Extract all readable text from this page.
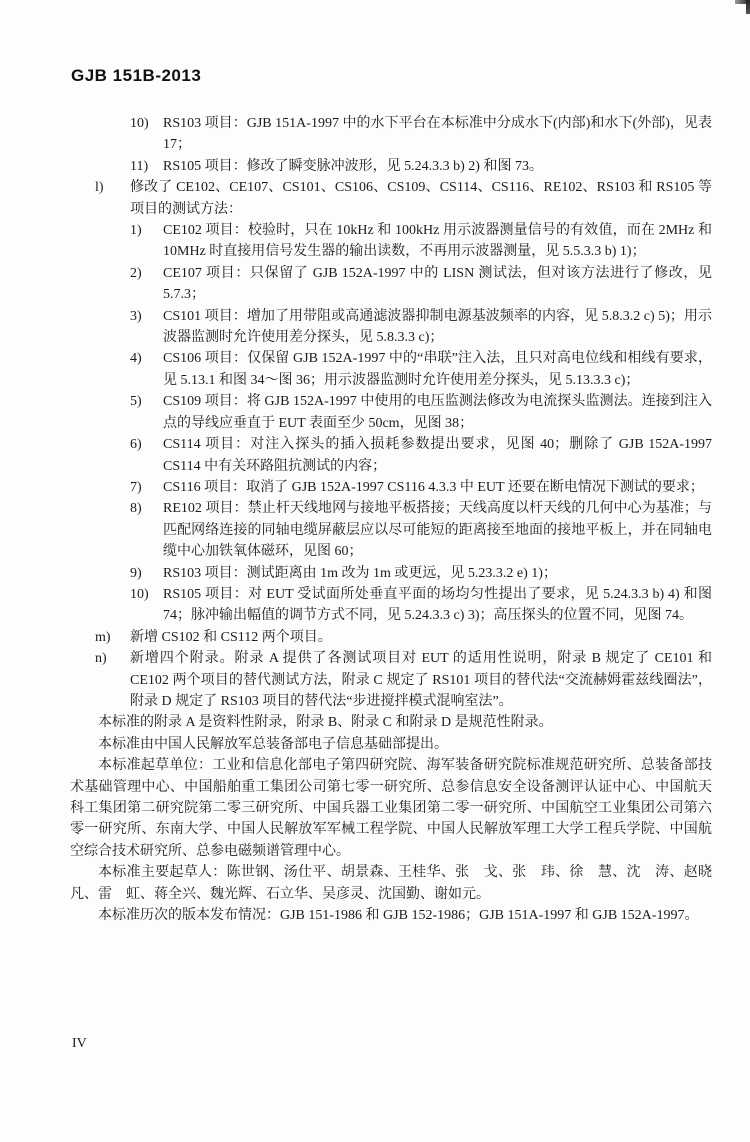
GJB 151B-2013
10) RS103 项目：GJB 151A-1997 中的水下平台在本标准中分成水下(内部)和水下(外部)，见表 17；
11) RS105 项目：修改了瞬变脉冲波形，见 5.24.3.3 b) 2) 和图 73。
l) 修改了 CE102、CE107、CS101、CS106、CS109、CS114、CS116、RE102、RS103 和 RS105 等项目的测试方法：
1) CE102 项目：校验时，只在 10kHz 和 100kHz 用示波器测量信号的有效值，而在 2MHz 和 10MHz 时直接用信号发生器的输出读数，不再用示波器测量，见 5.5.3.3 b) 1)；
2) CE107 项目：只保留了 GJB 152A-1997 中的 LISN 测试法，但对该方法进行了修改，见 5.7.3；
3) CS101 项目：增加了用带阻或高通滤波器抑制电源基波频率的内容，见 5.8.3.2 c) 5)；用示波器监测时允许使用差分探头，见 5.8.3.3 c)；
4) CS106 项目：仅保留 GJB 152A-1997 中的“串联”注入法，且只对高电位线和相线有要求，见 5.13.1 和图 34～图 36；用示波器监测时允许使用差分探头，见 5.13.3.3 c)；
5) CS109 项目：将 GJB 152A-1997 中使用的电压监测法修改为电流探头监测法。连接到注入点的导线应垂直于 EUT 表面至少 50cm，见图 38；
6) CS114 项目：对注入探头的插入损耗参数提出要求，见图 40；删除了 GJB 152A-1997 CS114 中有关环路阻抗测试的内容；
7) CS116 项目：取消了 GJB 152A-1997 CS116 4.3.3 中 EUT 还要在断电情况下测试的要求；
8) RE102 项目：禁止杆天线地网与接地平板搭接；天线高度以杆天线的几何中心为基准；与匹配网络连接的同轴电缆屏蔽层应以尽可能短的距离接至地面的接地平板上，并在同轴电缆中心加铁氧体磁环，见图 60；
9) RS103 项目：测试距离由 1m 改为 1m 或更远，见 5.23.3.2 e) 1)；
10) RS105 项目：对 EUT 受试面所处垂直平面的场均匀性提出了要求，见 5.24.3.3 b) 4) 和图 74；脉冲输出幅值的调节方式不同，见 5.24.3.3 c) 3)；高压探头的位置不同，见图 74。
m) 新增 CS102 和 CS112 两个项目。
n) 新增四个附录。附录 A 提供了各测试项目对 EUT 的适用性说明，附录 B 规定了 CE101 和 CE102 两个项目的替代测试方法，附录 C 规定了 RS101 项目的替代法“交流赫姆霍兹线圈法”，附录 D 规定了 RS103 项目的替代法“步进搅拌模式混响室法”。
本标准的附录 A 是资料性附录，附录 B、附录 C 和附录 D 是规范性附录。
本标准由中国人民解放军总装备部电子信息基础部提出。
本标准起草单位：工业和信息化部电子第四研究院、海军装备研究院标准规范研究所、总装备部技术基础管理中心、中国船舶重工集团公司第七零一研究所、总参信息安全设备测评认证中心、中国航天科工集团第二研究院第二零三研究所、中国兵器工业集团第二零一研究所、中国航空工业集团公司第六零一研究所、东南大学、中国人民解放军军械工程学院、中国人民解放军理工大学工程兵学院、中国航空综合技术研究所、总参电磁频谱管理中心。
本标准主要起草人：陈世钢、汤仕平、胡景森、王桂华、张　戈、张　玮、徐　慧、沈　涛、赵晓凡、雷　虹、蒋全兴、魏光辉、石立华、吴彦灵、沈国勤、谢如元。
本标准历次的版本发布情况：GJB 151-1986 和 GJB 152-1986；GJB 151A-1997 和 GJB 152A-1997。
IV
